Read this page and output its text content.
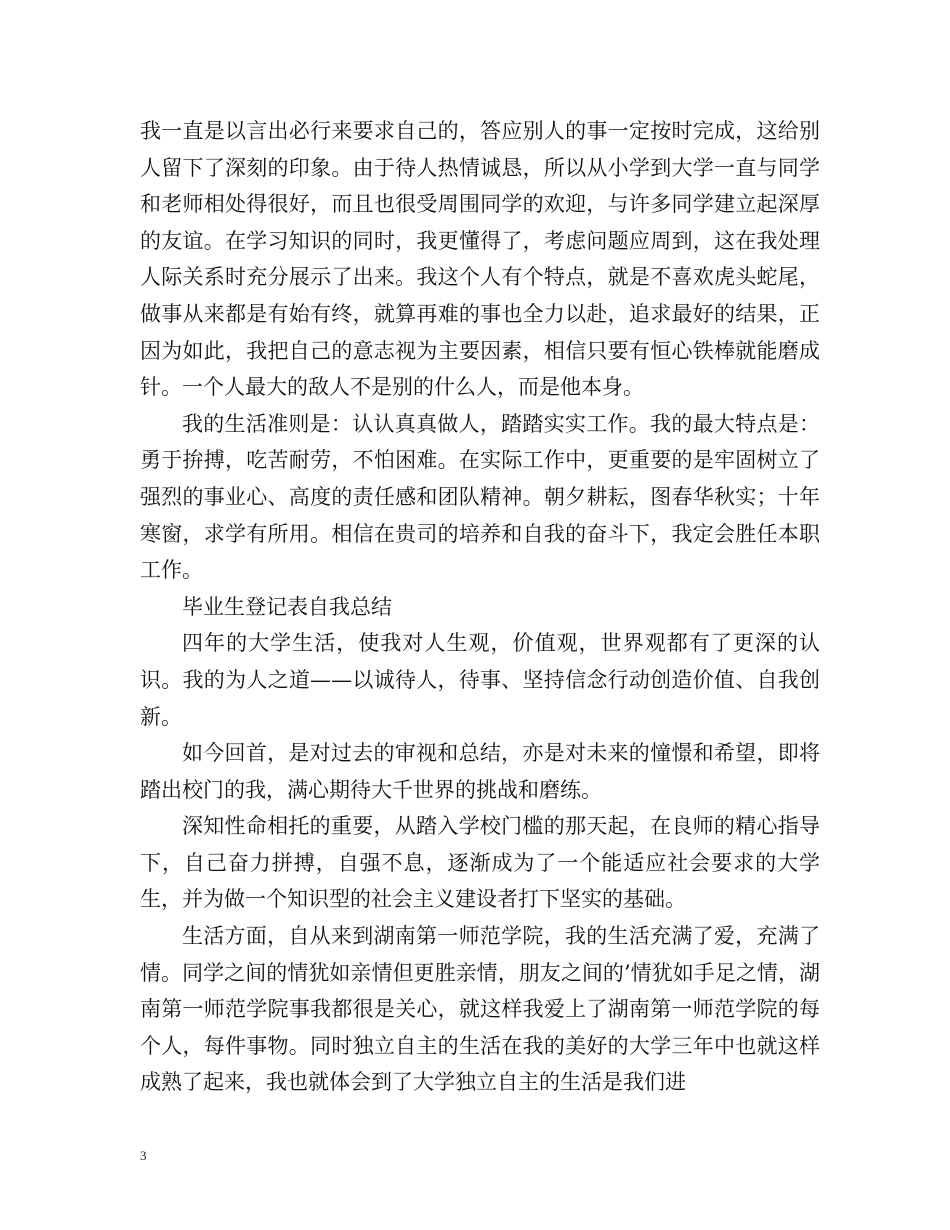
我一直是以言出必行来要求自己的，答应别人的事一定按时完成，这给别人留下了深刻的印象。由于待人热情诚恳，所以从小学到大学一直与同学和老师相处得很好，而且也很受周围同学的欢迎，与许多同学建立起深厚的友谊。在学习知识的同时，我更懂得了，考虑问题应周到，这在我处理人际关系时充分展示了出来。我这个人有个特点，就是不喜欢虎头蛇尾，做事从来都是有始有终，就算再难的事也全力以赴，追求最好的结果，正因为如此，我把自己的意志视为主要因素，相信只要有恒心铁棒就能磨成针。一个人最大的敌人不是别的什么人，而是他本身。

我的生活准则是：认认真真做人，踏踏实实工作。我的最大特点是：勇于拚搏，吃苦耐劳，不怕困难。在实际工作中，更重要的是牢固树立了强烈的事业心、高度的责任感和团队精神。朝夕耕耘，图春华秋实；十年寒窗，求学有所用。相信在贵司的培养和自我的奋斗下，我定会胜任本职工作。

毕业生登记表自我总结

四年的大学生活，使我对人生观，价值观，世界观都有了更深的认识。我的为人之道——以诚待人，待事、坚持信念行动创造价值、自我创新。

如今回首，是对过去的审视和总结，亦是对未来的憧憬和希望，即将踏出校门的我，满心期待大千世界的挑战和磨练。

深知性命相托的重要，从踏入学校门槛的那天起，在良师的精心指导下，自己奋力拼搏，自强不息，逐渐成为了一个能适应社会要求的大学生，并为做一个知识型的社会主义建设者打下坚实的基础。

生活方面，自从来到湖南第一师范学院，我的生活充满了爱，充满了情。同学之间的情犹如亲情但更胜亲情，朋友之间的’情犹如手足之情，湖南第一师范学院事我都很是关心，就这样我爱上了湖南第一师范学院的每个人，每件事物。同时独立自主的生活在我的美好的大学三年中也就这样成熟了起来，我也就体会到了大学独立自主的生活是我们进

3
